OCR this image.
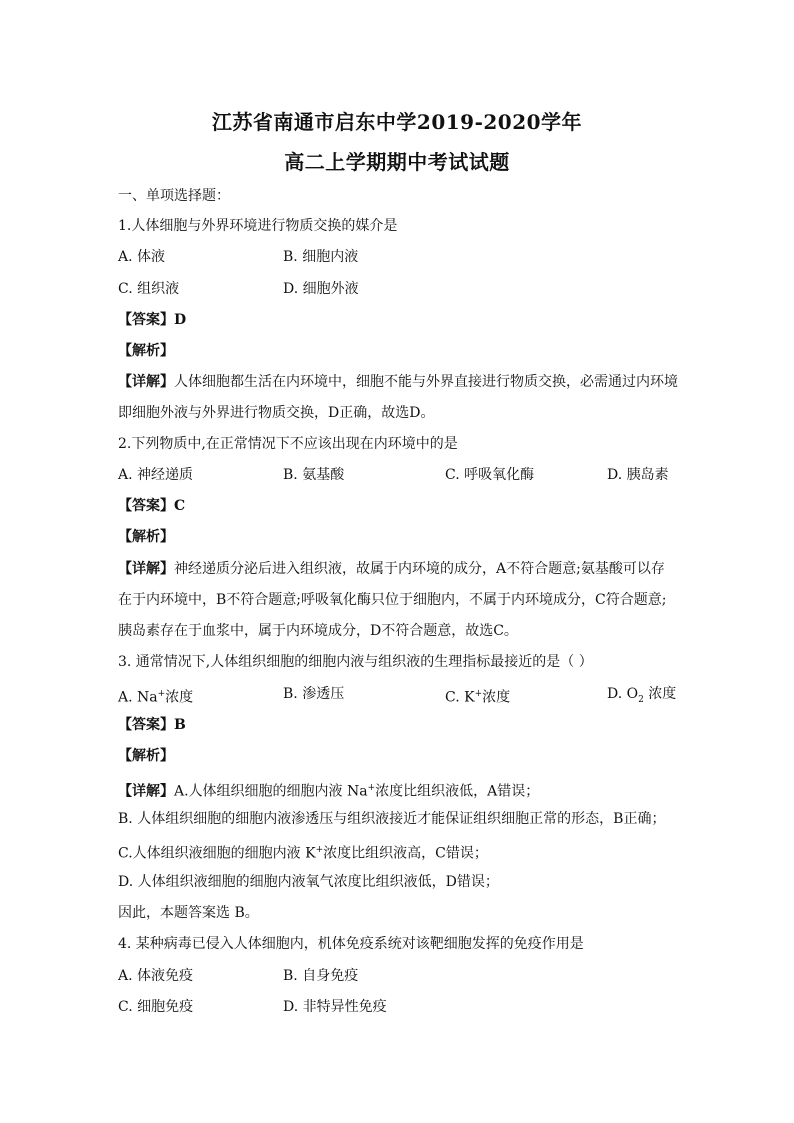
江苏省南通市启东中学2019-2020学年
高二上学期期中考试试题
一、单项选择题：
1.人体细胞与外界环境进行物质交换的媒介是
A. 体液	B. 细胞内液
C. 组织液	D. 细胞外液
【答案】D
【解析】
【详解】人体细胞都生活在内环境中，细胞不能与外界直接进行物质交换，必需通过内环境
即细胞外液与外界进行物质交换，D正确，故选D。
2.下列物质中,在正常情况下不应该出现在内环境中的是
A. 神经递质	B. 氨基酸	C. 呼吸氧化酶	D. 胰岛素
【答案】C
【解析】
【详解】神经递质分泌后进入组织液，故属于内环境的成分，A不符合题意;氨基酸可以存
在于内环境中，B不符合题意;呼吸氧化酶只位于细胞内，不属于内环境成分，C符合题意;
胰岛素存在于血浆中，属于内环境成分，D不符合题意，故选C。
3. 通常情况下,人体组织细胞的细胞内液与组织液的生理指标最接近的是（ ）
A. Na+浓度	B. 渗透压	C. K+浓度	D. $O_2$ 浓度
【答案】B
【解析】
【详解】A.人体组织细胞的细胞内液 Na+浓度比组织液低，A错误；
B. 人体组织细胞的细胞内液渗透压与组织液接近才能保证组织细胞正常的形态，B正确；
C.人体组织液细胞的细胞内液 K+浓度比组织液高，C错误；
D. 人体组织液细胞的细胞内液氧气浓度比组织液低，D错误；
因此，本题答案选 B。
4. 某种病毒已侵入人体细胞内，机体免疫系统对该靶细胞发挥的免疫作用是
A. 体液免疫	B. 自身免疫
C. 细胞免疫	D. 非特异性免疫
